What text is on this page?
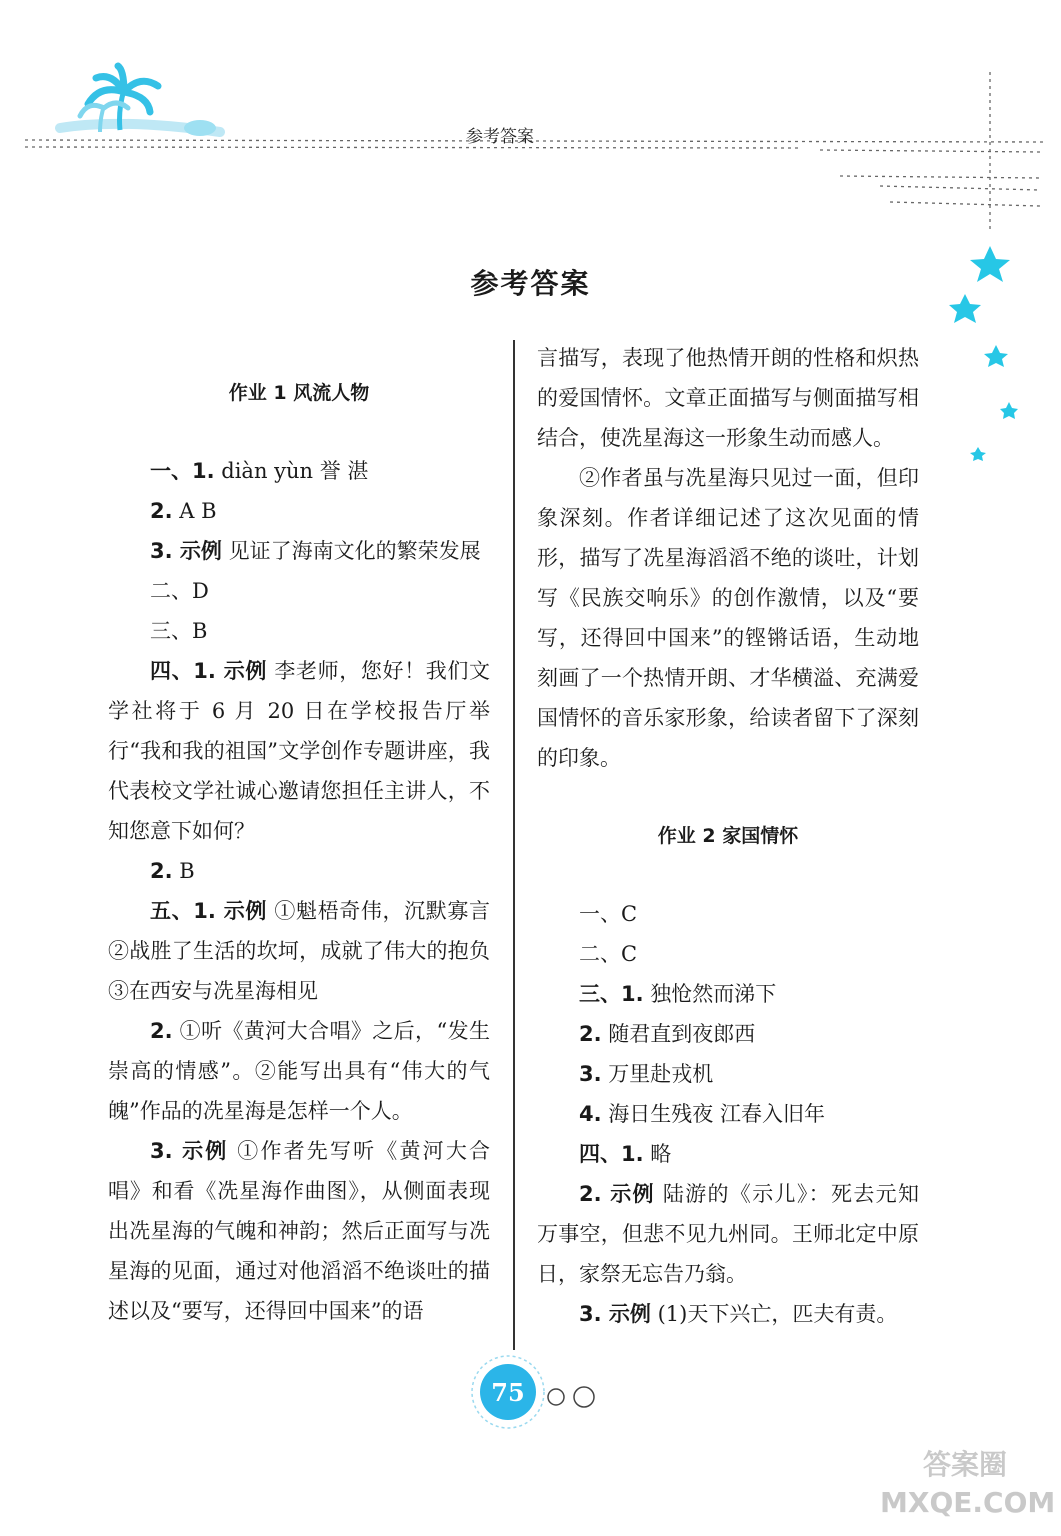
参考答案
参考答案

作业 1 风流人物

一、1. diàn yùn 誉 湛

2. A B

3. 示例 见证了海南文化的繁荣发展

二、D

三、B

四、1. 示例 李老师，您好！我们文学社将于 6 月 20 日在学校报告厅举行“我和我的祖国”文学创作专题讲座，我代表校文学社诚心邀请您担任主讲人，不知您意下如何？

2. B

五、1. 示例 ①魁梧奇伟，沉默寡言 ②战胜了生活的坎坷，成就了伟大的抱负 ③在西安与冼星海相见

2. ①听《黄河大合唱》之后，“发生崇高的情感”。②能写出具有“伟大的气魄”作品的冼星海是怎样一个人。

3. 示例 ①作者先写听《黄河大合唱》和看《冼星海作曲图》，从侧面表现出冼星海的气魄和神韵；然后正面写与冼星海的见面，通过对他滔滔不绝谈吐的描述以及“要写，还得回中国来”的语

言描写，表现了他热情开朗的性格和炽热的爱国情怀。文章正面描写与侧面描写相结合，使冼星海这一形象生动而感人。

②作者虽与冼星海只见过一面，但印象深刻。作者详细记述了这次见面的情形，描写了冼星海滔滔不绝的谈吐，计划写《民族交响乐》的创作激情，以及“要写，还得回中国来”的铿锵话语，生动地刻画了一个热情开朗、才华横溢、充满爱国情怀的音乐家形象，给读者留下了深刻的印象。

作业 2 家国情怀

一、C

二、C

三、1. 独怆然而涕下

2. 随君直到夜郎西

3. 万里赴戎机

4. 海日生残夜 江春入旧年

四、1. 略

2. 示例 陆游的《示儿》：死去元知万事空，但悲不见九州同。王师北定中原日，家祭无忘告乃翁。

3. 示例 (1)天下兴亡，匹夫有责。

75
答案圈 MXQE.COM
